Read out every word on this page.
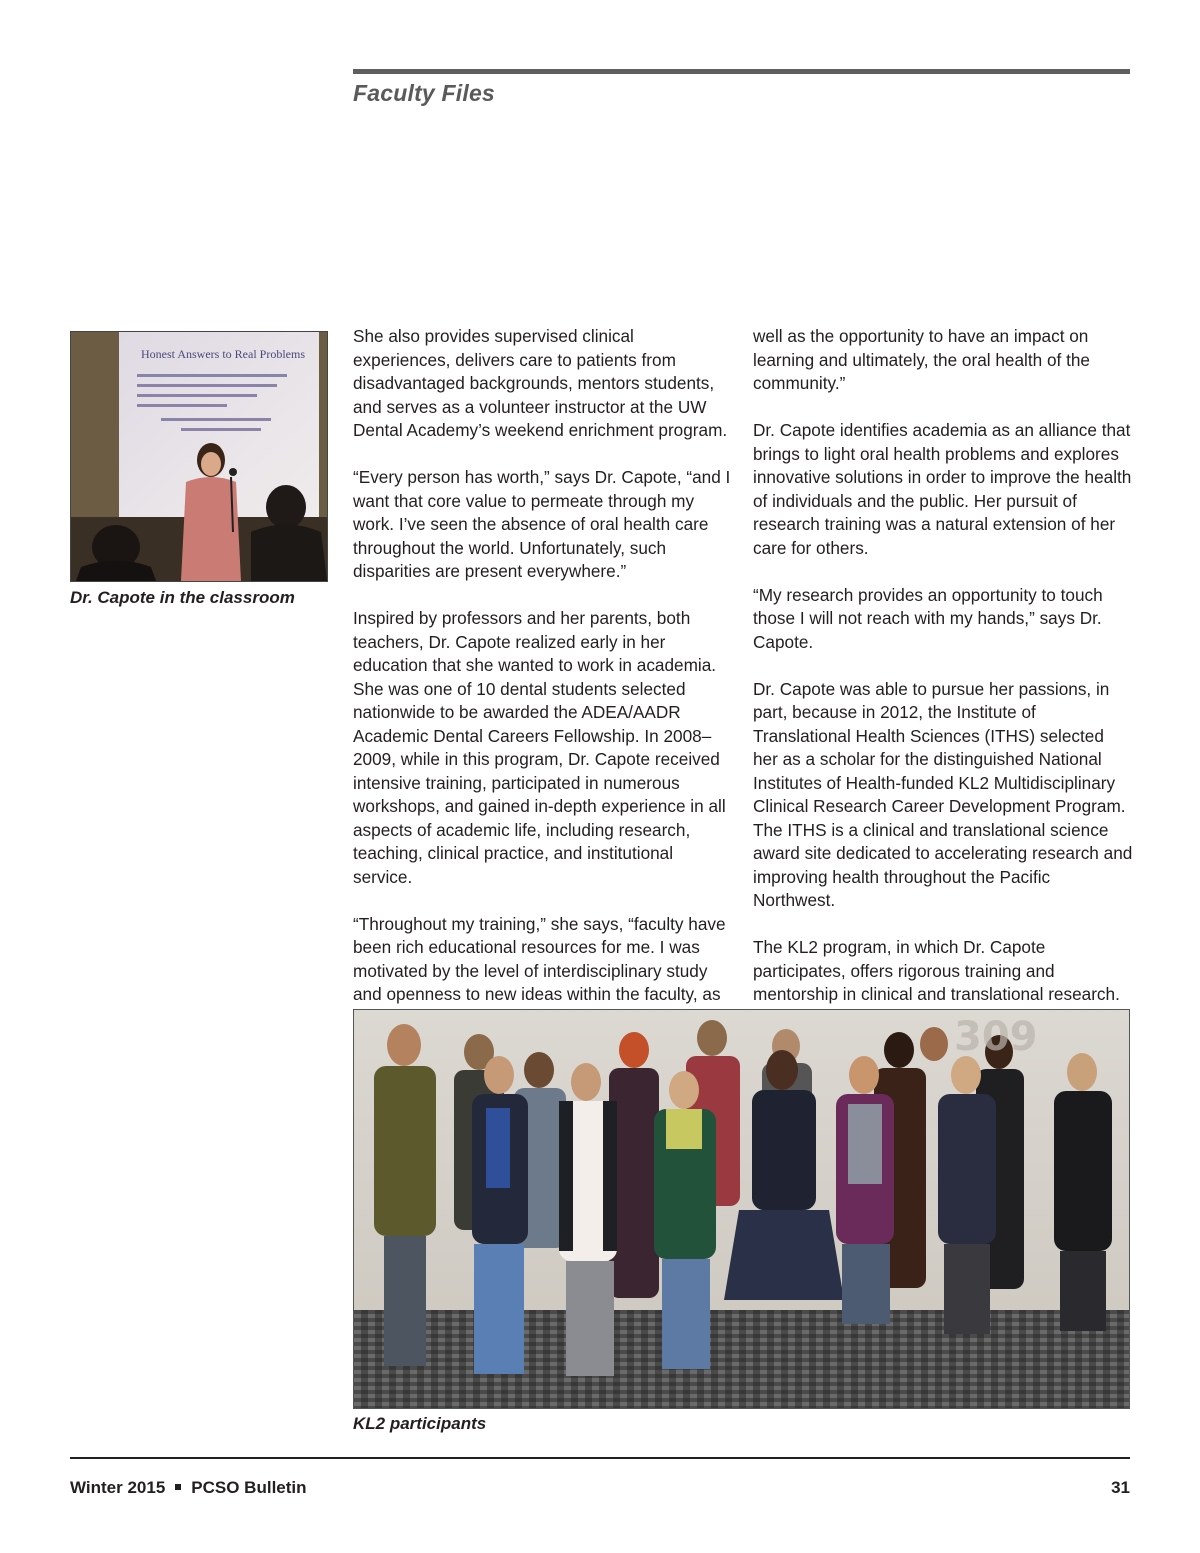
Faculty Files
Honest Answers to Real Problems
Dr. Capote in the classroom

She also provides supervised clinical experiences, delivers care to patients from disadvantaged backgrounds, mentors students, and serves as a volunteer instructor at the UW Dental Academy’s weekend enrichment program.

“Every person has worth,” says Dr. Capote, “and I want that core value to permeate through my work. I’ve seen the absence of oral health care throughout the world. Unfortunately, such disparities are present everywhere.”

Inspired by professors and her parents, both teachers, Dr. Capote realized early in her education that she wanted to work in academia. She was one of 10 dental students selected nationwide to be awarded the ADEA/AADR Academic Dental Careers Fellowship. In 2008–2009, while in this program, Dr. Capote received intensive training, participated in numerous workshops, and gained in-depth experience in all aspects of academic life, including research, teaching, clinical practice, and institutional service.

“Throughout my training,” she says, “faculty have been rich educational resources for me. I was motivated by the level of interdisciplinary study and openness to new ideas within the faculty, as

well as the opportunity to have an impact on learning and ultimately, the oral health of the community.”

Dr. Capote identifies academia as an alliance that brings to light oral health problems and explores innovative solutions in order to improve the health of individuals and the public. Her pursuit of research training was a natural extension of her care for others.

“My research provides an opportunity to touch those I will not reach with my hands,” says Dr. Capote.

Dr. Capote was able to pursue her passions, in part, because in 2012, the Institute of Translational Health Sciences (ITHS) selected her as a scholar for the distinguished National Institutes of Health-funded KL2 Multidisciplinary Clinical Research Career Development Program. The ITHS is a clinical and translational science award site dedicated to accelerating research and improving health throughout the Pacific Northwest.

The KL2 program, in which Dr. Capote participates, offers rigorous training and mentorship in clinical and translational research.

309
KL2 participants
Winter 2015 PCSO Bulletin	31
